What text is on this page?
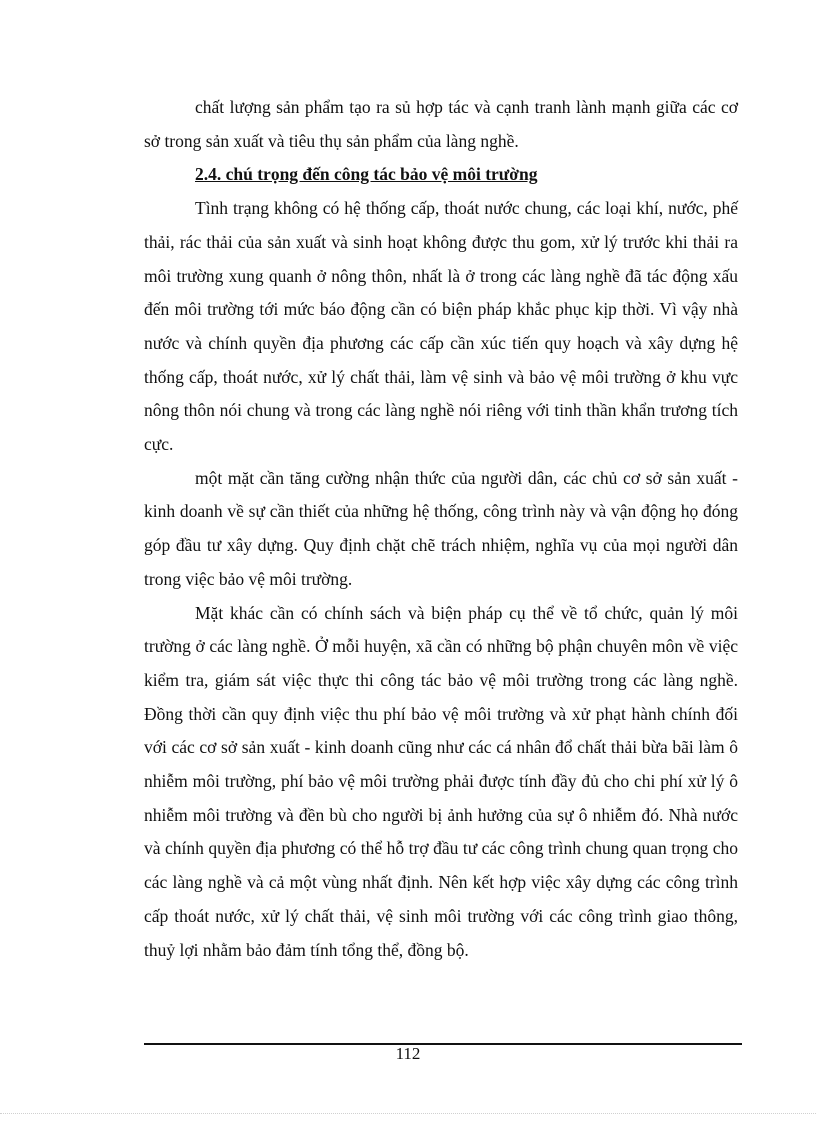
chất lượng sản phẩm tạo ra sủ hợp tác và cạnh tranh lành mạnh giữa các cơ sở trong sản xuất và tiêu thụ sản phẩm của làng nghề.

2.4. chú trọng đến công tác bảo vệ môi trường

Tình trạng không có hệ thống cấp, thoát nước chung, các loại khí, nước, phế thải, rác thải của sản xuất và sinh hoạt không được thu gom, xử lý trước khi thải ra môi trường xung quanh ở nông thôn, nhất là ở trong các làng nghề đã tác động xấu đến môi trường tới mức báo động cần có biện pháp khắc phục kịp thời. Vì vậy nhà nước và chính quyền địa phương các cấp cần xúc tiến quy hoạch và xây dựng hệ thống cấp, thoát nước, xử lý chất thải, làm vệ sinh và bảo vệ môi trường ở khu vực nông thôn nói chung và trong các làng nghề nói riêng với tinh thần khẩn trương tích cực.

một mặt cần tăng cường nhận thức của người dân, các chủ cơ sở sản xuất - kinh doanh về sự cần thiết của những hệ thống, công trình này và vận động họ đóng góp đầu tư xây dựng. Quy định chặt chẽ trách nhiệm, nghĩa vụ của mọi người dân trong việc bảo vệ môi trường.

Mặt khác cần có chính sách và biện pháp cụ thể về tổ chức, quản lý môi trường ở các làng nghề. Ở mỗi huyện, xã cần có những bộ phận chuyên môn về việc kiểm tra, giám sát việc thực thi công tác bảo vệ môi trường trong các làng nghề. Đồng thời cần quy định việc thu phí bảo vệ môi trường và xử phạt hành chính đối với các cơ sở sản xuất - kinh doanh cũng như các cá nhân đổ chất thải bừa bãi làm ô nhiễm môi trường, phí bảo vệ môi trường phải được tính đầy đủ cho chi phí xử lý ô nhiễm môi trường và đền bù cho người bị ảnh hưởng của sự ô nhiễm đó. Nhà nước và chính quyền địa phương có thể hỗ trợ đầu tư các công trình chung quan trọng cho các làng nghề và cả một vùng nhất định. Nên kết hợp việc xây dựng các công trình cấp thoát nước, xử lý chất thải, vệ sinh môi trường với các công trình giao thông, thuỷ lợi nhằm bảo đảm tính tổng thể, đồng bộ.

112
